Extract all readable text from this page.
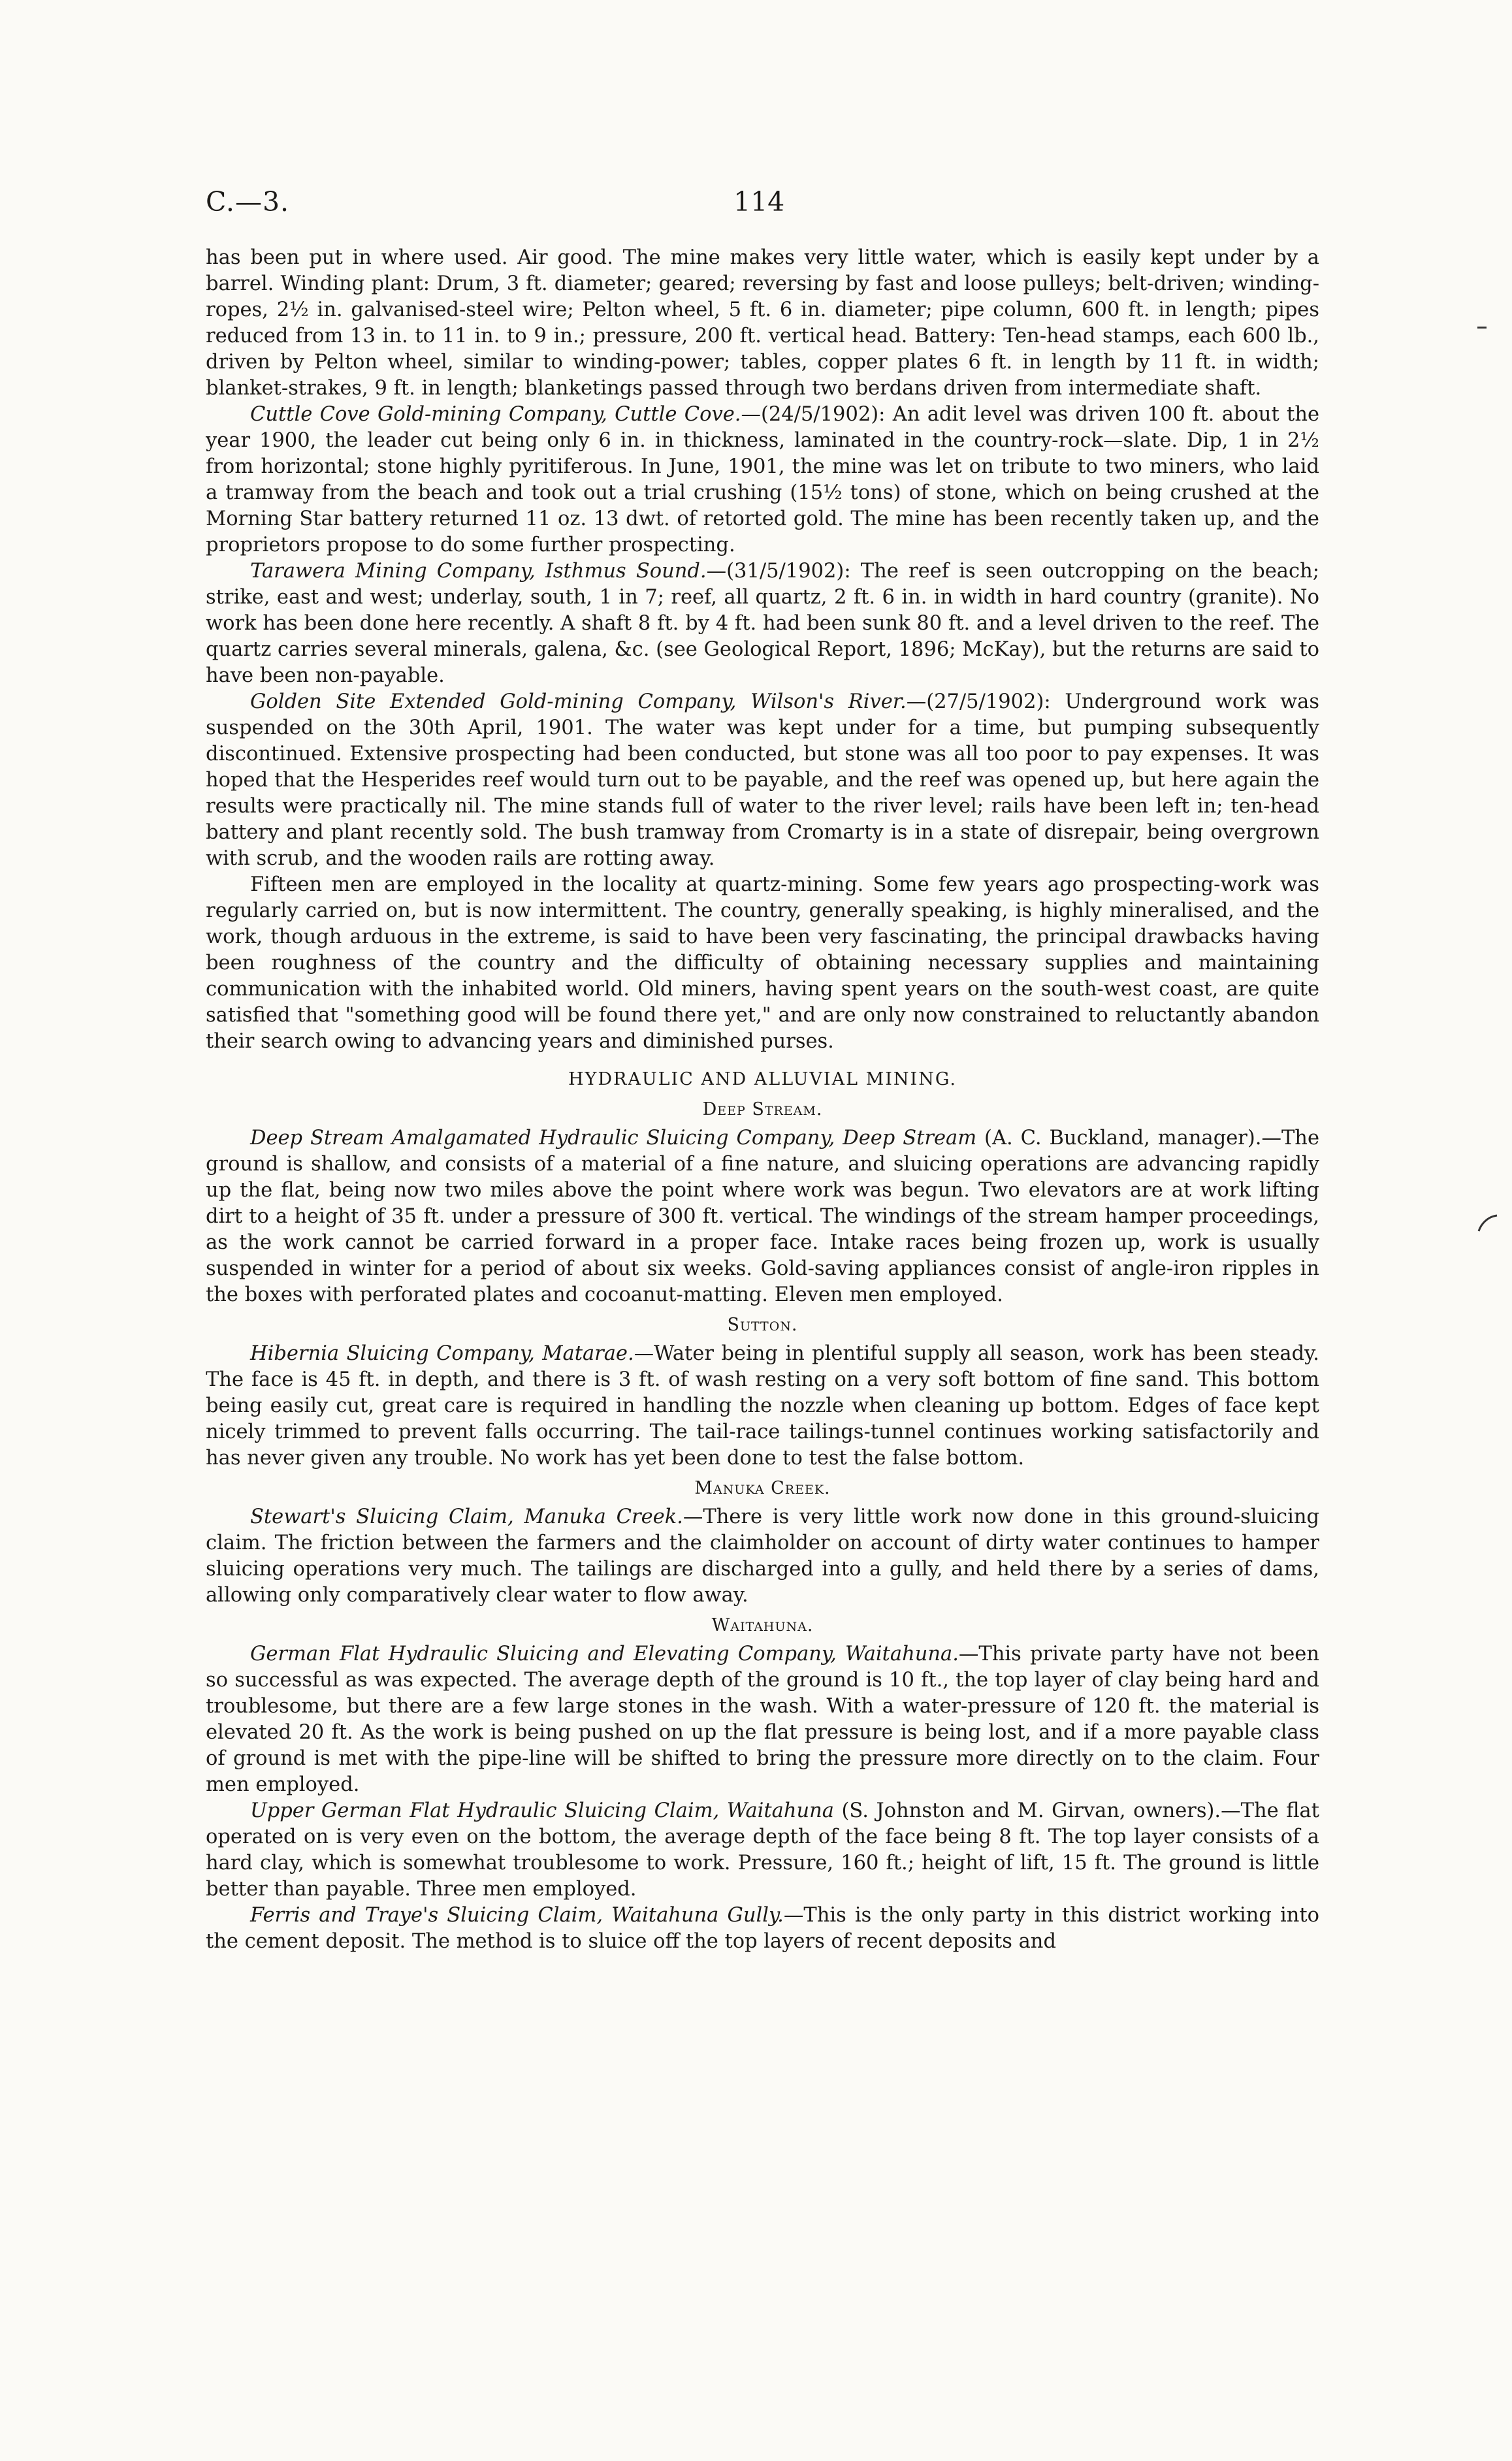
C.—3.	114

has been put in where used. Air good. The mine makes very little water, which is easily kept under by a barrel. Winding plant: Drum, 3 ft. diameter; geared; reversing by fast and loose pulleys; belt-driven; winding-ropes, 2½ in. galvanised-steel wire; Pelton wheel, 5 ft. 6 in. diameter; pipe column, 600 ft. in length; pipes reduced from 13 in. to 11 in. to 9 in.; pressure, 200 ft. vertical head. Battery: Ten-head stamps, each 600 lb., driven by Pelton wheel, similar to winding-power; tables, copper plates 6 ft. in length by 11 ft. in width; blanket-strakes, 9 ft. in length; blanketings passed through two berdans driven from intermediate shaft.

Cuttle Cove Gold-mining Company, Cuttle Cove.—(24/5/1902): An adit level was driven 100 ft. about the year 1900, the leader cut being only 6 in. in thickness, laminated in the country-rock—slate. Dip, 1 in 2½ from horizontal; stone highly pyritiferous. In June, 1901, the mine was let on tribute to two miners, who laid a tramway from the beach and took out a trial crushing (15½ tons) of stone, which on being crushed at the Morning Star battery returned 11 oz. 13 dwt. of retorted gold. The mine has been recently taken up, and the proprietors propose to do some further prospecting.

Tarawera Mining Company, Isthmus Sound.—(31/5/1902): The reef is seen outcropping on the beach; strike, east and west; underlay, south, 1 in 7; reef, all quartz, 2 ft. 6 in. in width in hard country (granite). No work has been done here recently. A shaft 8 ft. by 4 ft. had been sunk 80 ft. and a level driven to the reef. The quartz carries several minerals, galena, &c. (see Geological Report, 1896; McKay), but the returns are said to have been non-payable.

Golden Site Extended Gold-mining Company, Wilson's River.—(27/5/1902): Underground work was suspended on the 30th April, 1901. The water was kept under for a time, but pumping subsequently discontinued. Extensive prospecting had been conducted, but stone was all too poor to pay expenses. It was hoped that the Hesperides reef would turn out to be payable, and the reef was opened up, but here again the results were practically nil. The mine stands full of water to the river level; rails have been left in; ten-head battery and plant recently sold. The bush tramway from Cromarty is in a state of disrepair, being overgrown with scrub, and the wooden rails are rotting away.

Fifteen men are employed in the locality at quartz-mining. Some few years ago prospecting-work was regularly carried on, but is now intermittent. The country, generally speaking, is highly mineralised, and the work, though arduous in the extreme, is said to have been very fascinating, the principal drawbacks having been roughness of the country and the difficulty of obtaining necessary supplies and maintaining communication with the inhabited world. Old miners, having spent years on the south-west coast, are quite satisfied that "something good will be found there yet," and are only now constrained to reluctantly abandon their search owing to advancing years and diminished purses.

HYDRAULIC AND ALLUVIAL MINING.
Deep Stream.

Deep Stream Amalgamated Hydraulic Sluicing Company, Deep Stream (A. C. Buckland, manager).—The ground is shallow, and consists of a material of a fine nature, and sluicing operations are advancing rapidly up the flat, being now two miles above the point where work was begun. Two elevators are at work lifting dirt to a height of 35 ft. under a pressure of 300 ft. vertical. The windings of the stream hamper proceedings, as the work cannot be carried forward in a proper face. Intake races being frozen up, work is usually suspended in winter for a period of about six weeks. Gold-saving appliances consist of angle-iron ripples in the boxes with perforated plates and cocoanut-matting. Eleven men employed.

Sutton.

Hibernia Sluicing Company, Matarae.—Water being in plentiful supply all season, work has been steady. The face is 45 ft. in depth, and there is 3 ft. of wash resting on a very soft bottom of fine sand. This bottom being easily cut, great care is required in handling the nozzle when cleaning up bottom. Edges of face kept nicely trimmed to prevent falls occurring. The tail-race tailings-tunnel continues working satisfactorily and has never given any trouble. No work has yet been done to test the false bottom.

Manuka Creek.

Stewart's Sluicing Claim, Manuka Creek.—There is very little work now done in this ground-sluicing claim. The friction between the farmers and the claimholder on account of dirty water continues to hamper sluicing operations very much. The tailings are discharged into a gully, and held there by a series of dams, allowing only comparatively clear water to flow away.

Waitahuna.

German Flat Hydraulic Sluicing and Elevating Company, Waitahuna.—This private party have not been so successful as was expected. The average depth of the ground is 10 ft., the top layer of clay being hard and troublesome, but there are a few large stones in the wash. With a water-pressure of 120 ft. the material is elevated 20 ft. As the work is being pushed on up the flat pressure is being lost, and if a more payable class of ground is met with the pipe-line will be shifted to bring the pressure more directly on to the claim. Four men employed.

Upper German Flat Hydraulic Sluicing Claim, Waitahuna (S. Johnston and M. Girvan, owners).—The flat operated on is very even on the bottom, the average depth of the face being 8 ft. The top layer consists of a hard clay, which is somewhat troublesome to work. Pressure, 160 ft.; height of lift, 15 ft. The ground is little better than payable. Three men employed.

Ferris and Traye's Sluicing Claim, Waitahuna Gully.—This is the only party in this district working into the cement deposit. The method is to sluice off the top layers of recent deposits and
